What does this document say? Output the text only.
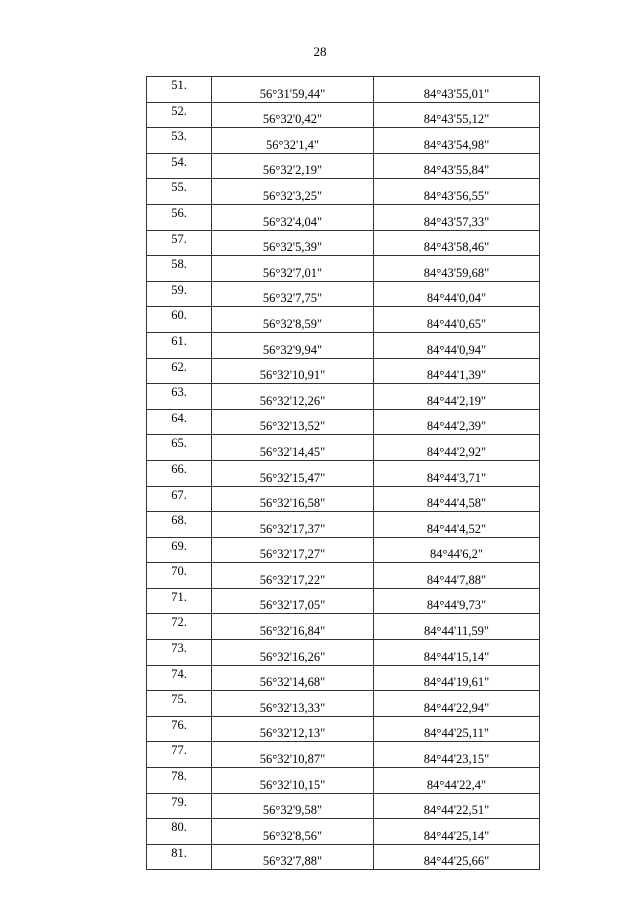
28
51.	56°31'59,44"	84°43'55,01"
52.	56°32'0,42"	84°43'55,12"
53.	56°32'1,4"	84°43'54,98"
54.	56°32'2,19"	84°43'55,84"
55.	56°32'3,25"	84°43'56,55"
56.	56°32'4,04"	84°43'57,33"
57.	56°32'5,39"	84°43'58,46"
58.	56°32'7,01"	84°43'59,68"
59.	56°32'7,75"	84°44'0,04"
60.	56°32'8,59"	84°44'0,65"
61.	56°32'9,94"	84°44'0,94"
62.	56°32'10,91"	84°44'1,39"
63.	56°32'12,26"	84°44'2,19"
64.	56°32'13,52"	84°44'2,39"
65.	56°32'14,45"	84°44'2,92"
66.	56°32'15,47"	84°44'3,71"
67.	56°32'16,58"	84°44'4,58"
68.	56°32'17,37"	84°44'4,52"
69.	56°32'17,27"	84°44'6,2"
70.	56°32'17,22"	84°44'7,88"
71.	56°32'17,05"	84°44'9,73"
72.	56°32'16,84"	84°44'11,59"
73.	56°32'16,26"	84°44'15,14"
74.	56°32'14,68"	84°44'19,61"
75.	56°32'13,33"	84°44'22,94"
76.	56°32'12,13"	84°44'25,11"
77.	56°32'10,87"	84°44'23,15"
78.	56°32'10,15"	84°44'22,4"
79.	56°32'9,58"	84°44'22,51"
80.	56°32'8,56"	84°44'25,14"
81.	56°32'7,88"	84°44'25,66"
